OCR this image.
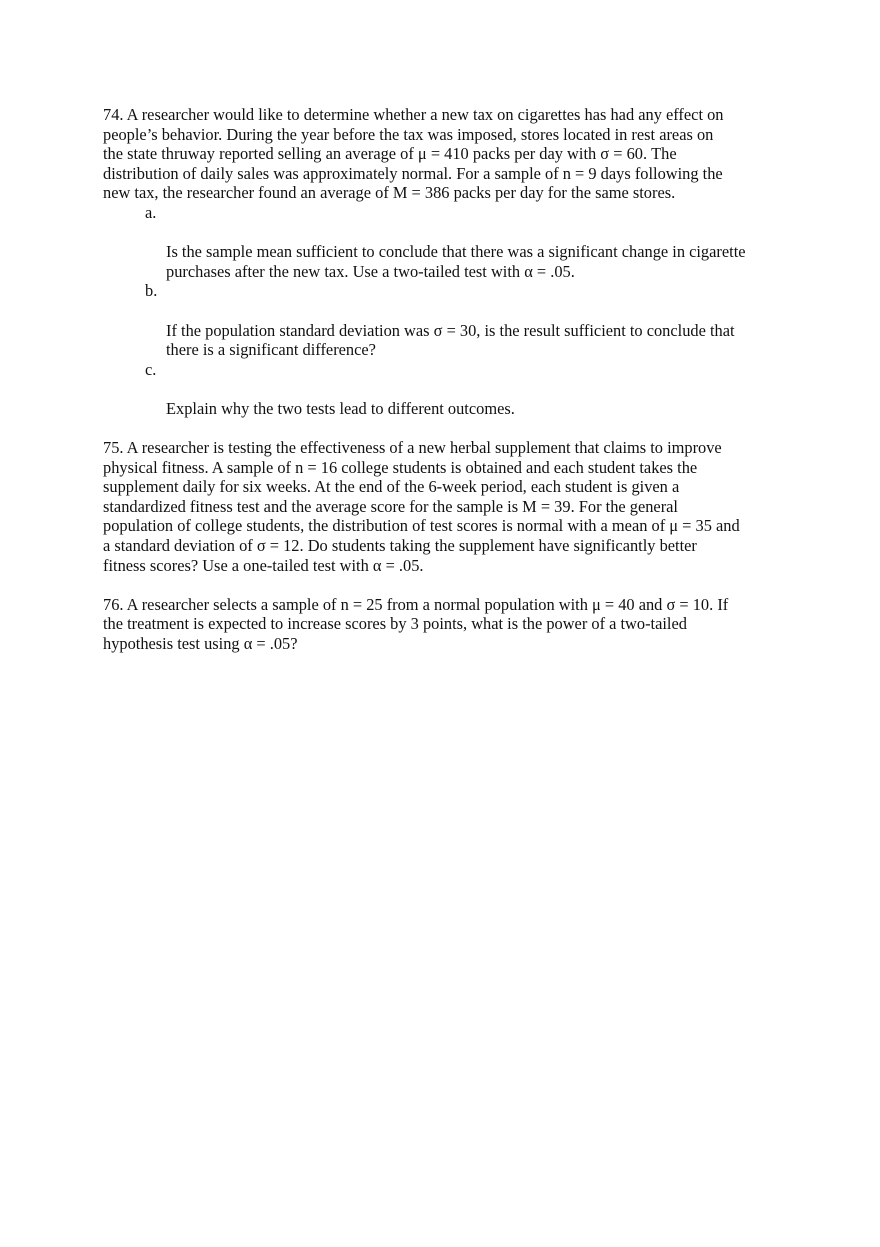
74. A researcher would like to determine whether a new tax on cigarettes has had any effect on
people’s behavior. During the year before the tax was imposed, stores located in rest areas on
the state thruway reported selling an average of μ = 410 packs per day with σ = 60. The
distribution of daily sales was approximately normal. For a sample of n = 9 days following the
new tax, the researcher found an average of M = 386 packs per day for the same stores.

a.

Is the sample mean sufficient to conclude that there was a significant change in cigarette
purchases after the new tax. Use a two-tailed test with α = .05.

b.

If the population standard deviation was σ = 30, is the result sufficient to conclude that
there is a significant difference?

c.

Explain why the two tests lead to different outcomes.

75. A researcher is testing the effectiveness of a new herbal supplement that claims to improve
physical fitness. A sample of n = 16 college students is obtained and each student takes the
supplement daily for six weeks. At the end of the 6-week period, each student is given a
standardized fitness test and the average score for the sample is M = 39. For the general
population of college students, the distribution of test scores is normal with a mean of μ = 35 and
a standard deviation of σ = 12. Do students taking the supplement have significantly better
fitness scores? Use a one-tailed test with α = .05.

76. A researcher selects a sample of n = 25 from a normal population with μ = 40 and σ = 10. If
the treatment is expected to increase scores by 3 points, what is the power of a two-tailed
hypothesis test using α = .05?
